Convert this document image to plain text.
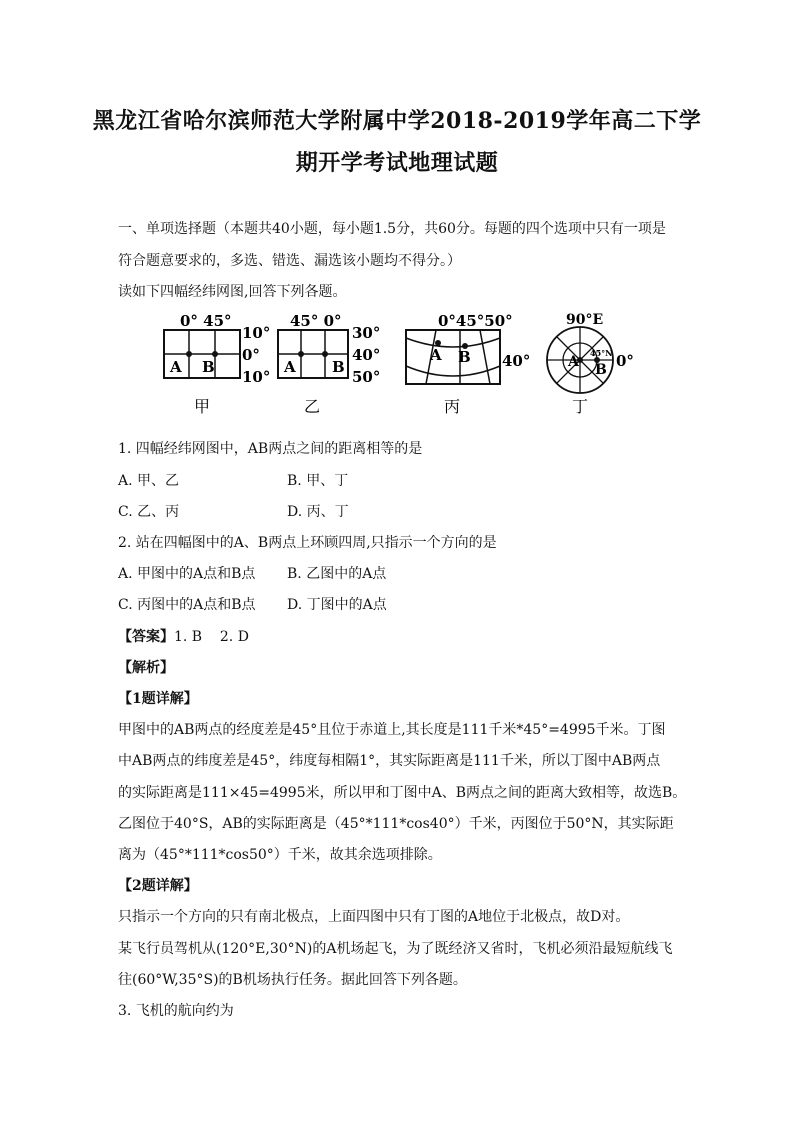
黑龙江省哈尔滨师范大学附属中学2018-2019学年高二下学
期开学考试地理试题
一、单项选择题（本题共40小题，每小题1.5分，共60分。每题的四个选项中只有一项是
符合题意要求的，多选、错选、漏选该小题均不得分。）
读如下四幅经纬网图,回答下列各题。
0° 45°
A B
10°
0°
10°
甲
45° 0°
A B
30°
40°
50°
乙
0°45°50°
A B 40°
丙
90°E
A B
45°N 0°
丁
1. 四幅经纬网图中，AB两点之间的距离相等的是
A. 甲、乙	B. 甲、丁
C. 乙、丙	D. 丙、丁
2. 站在四幅图中的A、B两点上环顾四周,只指示一个方向的是
A. 甲图中的A点和B点 B. 乙图中的A点
C. 丙图中的A点和B点 D. 丁图中的A点
【答案】1. B    2. D
【解析】
【1题详解】
甲图中的AB两点的经度差是45°且位于赤道上,其长度是111千米*45°=4995千米。丁图
中AB两点的纬度差是45°，纬度每相隔1°，其实际距离是111千米，所以丁图中AB两点
的实际距离是111×45=4995米，所以甲和丁图中A、B两点之间的距离大致相等，故选B。
乙图位于40°S，AB的实际距离是（45°*111*cos40°）千米，丙图位于50°N，其实际距
离为（45°*111*cos50°）千米，故其余选项排除。
【2题详解】
只指示一个方向的只有南北极点，上面四图中只有丁图的A地位于北极点，故D对。
某飞行员驾机从(120°E,30°N)的A机场起飞，为了既经济又省时，飞机必须沿最短航线飞
往(60°W,35°S)的B机场执行任务。据此回答下列各题。
3. 飞机的航向约为
